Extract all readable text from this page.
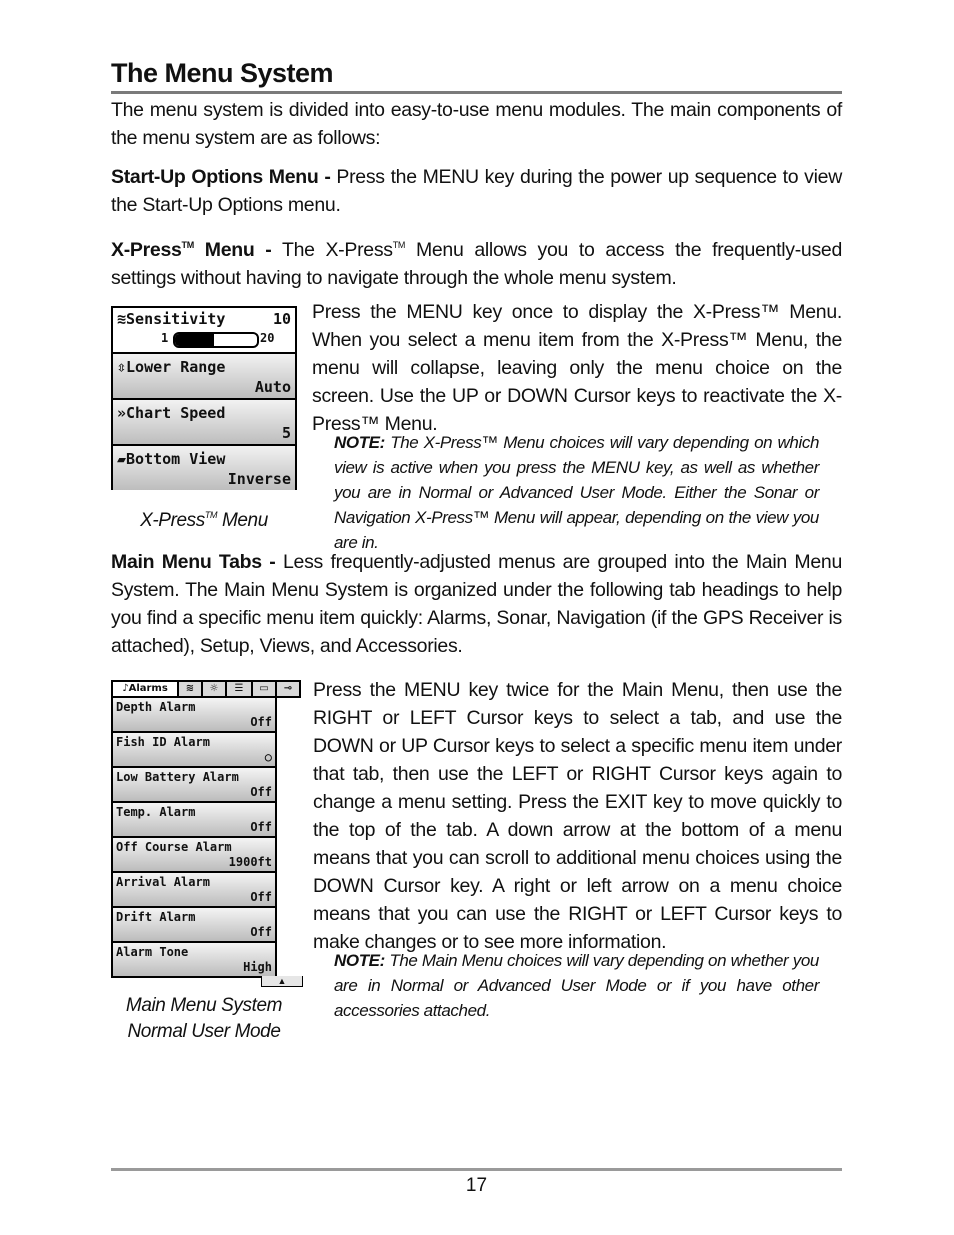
The Menu System
The menu system is divided into easy-to-use menu modules. The main components of the menu system are as follows:
Start-Up Options Menu - Press the MENU key during the power up sequence to view the Start-Up Options menu.
X-Press™ Menu - The X-Press™ Menu allows you to access the frequently-used settings without having to navigate through the whole menu system.
≋Sensitivity	10
1	20
⇳Lower Range
Auto
»Chart Speed
5
▰Bottom View
Inverse
X-Press™ Menu
Press the MENU key once to display the X-Press™ Menu. When you select a menu item from the X-Press™ Menu, the menu will collapse, leaving only the menu choice on the screen. Use the UP or DOWN Cursor keys to reactivate the X-Press™ Menu.
NOTE: The X-Press™ Menu choices will vary depending on which view is active when you press the MENU key, as well as whether you are in Normal or Advanced User Mode. Either the Sonar or Navigation X-Press™ Menu will appear, depending on the view you are in.
Main Menu Tabs - Less frequently-adjusted menus are grouped into the Main Menu System. The Main Menu System is organized under the following tab headings to help you find a specific menu item quickly: Alarms, Sonar, Navigation (if the GPS Receiver is attached), Setup, Views, and Accessories.
♪Alarms	≋	☼	☰	▭	⊸
Depth Alarm
Off
Fish ID Alarm
○
Low Battery Alarm
Off
Temp. Alarm
Off
Off Course Alarm
1900ft
Arrival Alarm
Off
Drift Alarm
Off
Alarm Tone
High
▲
Main Menu System
Normal User Mode
Press the MENU key twice for the Main Menu, then use the RIGHT or LEFT Cursor keys to select a tab, and use the DOWN or UP Cursor keys to select a specific menu item under that tab, then use the LEFT or RIGHT Cursor keys again to change a menu setting. Press the EXIT key to move quickly to the top of the tab. A down arrow at the bottom of a menu means that you can scroll to additional menu choices using the DOWN Cursor key. A right or left arrow on a menu choice means that you can use the RIGHT or LEFT Cursor keys to make changes or to see more information.
NOTE: The Main Menu choices will vary depending on whether you are in Normal or Advanced User Mode or if you have other accessories attached.
17
